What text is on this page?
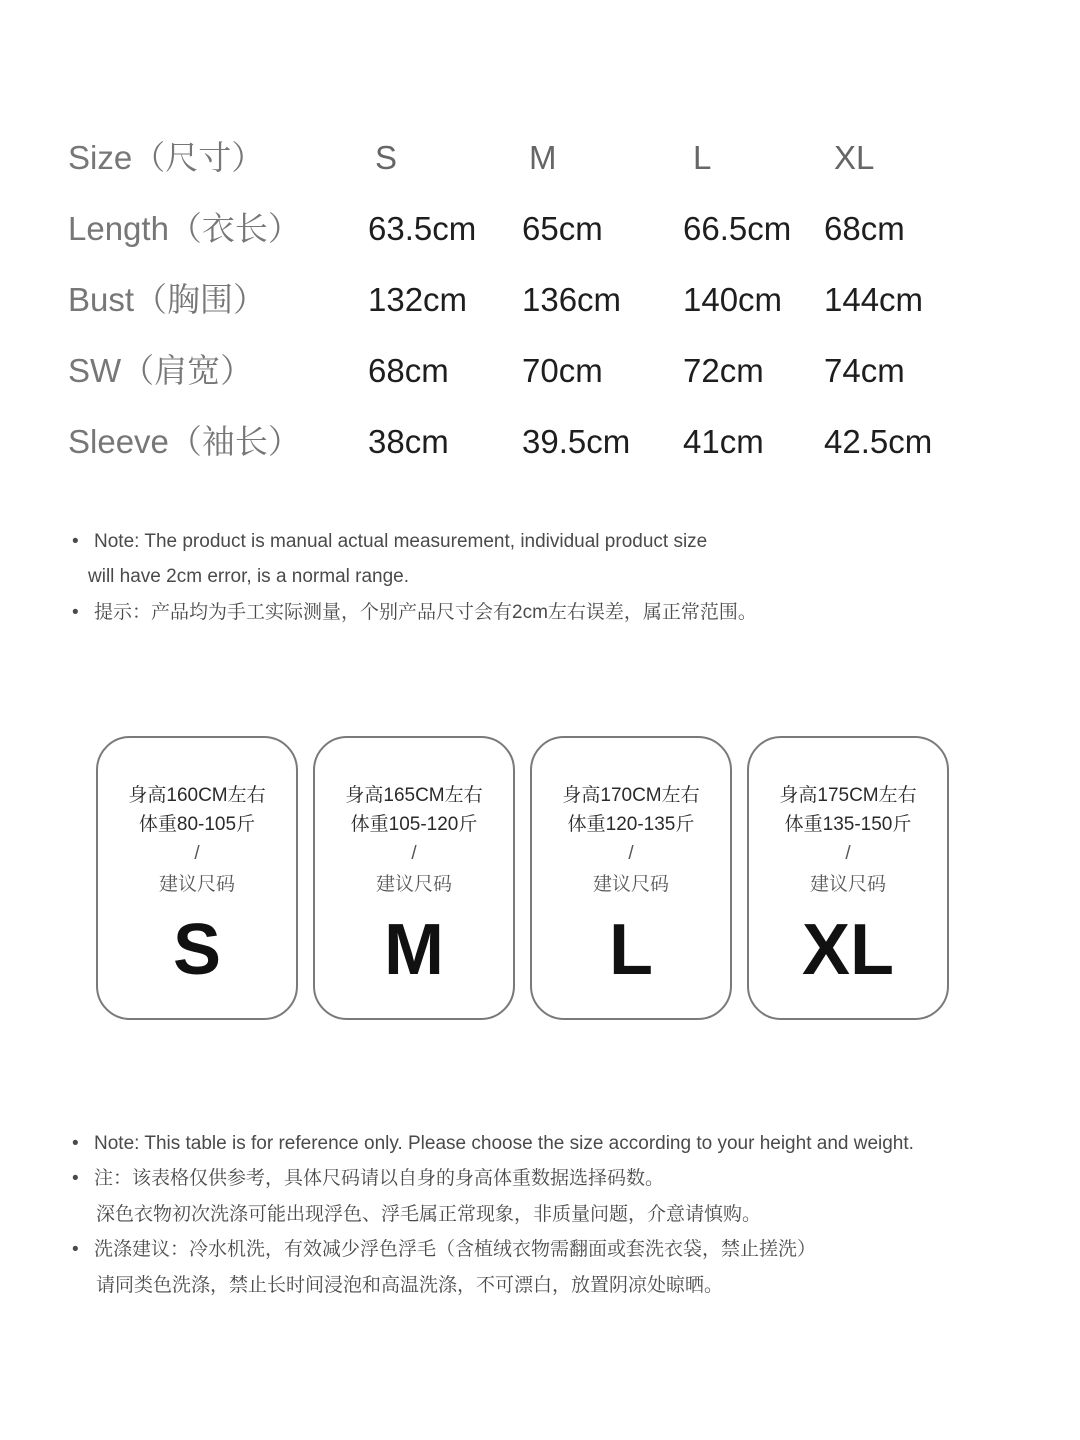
Size（尺寸）	S	M	L	XL
Length（衣长） 63.5cm 65cm 66.5cm 68cm
Bust（胸围）	132cm 136cm 140cm 144cm
SW（肩宽）	68cm 70cm 72cm 74cm
Sleeve（袖长） 38cm 39.5cm 41cm 42.5cm
• Note: The product is manual actual measurement, individual product size
will have 2cm error, is a normal range.
• 提示：产品均为手工实际测量，个别产品尺寸会有2cm左右误差，属正常范围。
身高160CM左右
体重80-105斤
/
建议尺码
S
身高165CM左右
体重105-120斤
/
建议尺码
M
身高170CM左右
体重120-135斤
/
建议尺码
L
身高175CM左右
体重135-150斤
/
建议尺码
XL
• Note: This table is for reference only. Please choose the size according to your height and weight.
• 注：该表格仅供参考，具体尺码请以自身的身高体重数据选择码数。
深色衣物初次洗涤可能出现浮色、浮毛属正常现象，非质量问题，介意请慎购。
• 洗涤建议：冷水机洗，有效减少浮色浮毛（含植绒衣物需翻面或套洗衣袋，禁止搓洗）
请同类色洗涤，禁止长时间浸泡和高温洗涤，不可漂白，放置阴凉处晾晒。
